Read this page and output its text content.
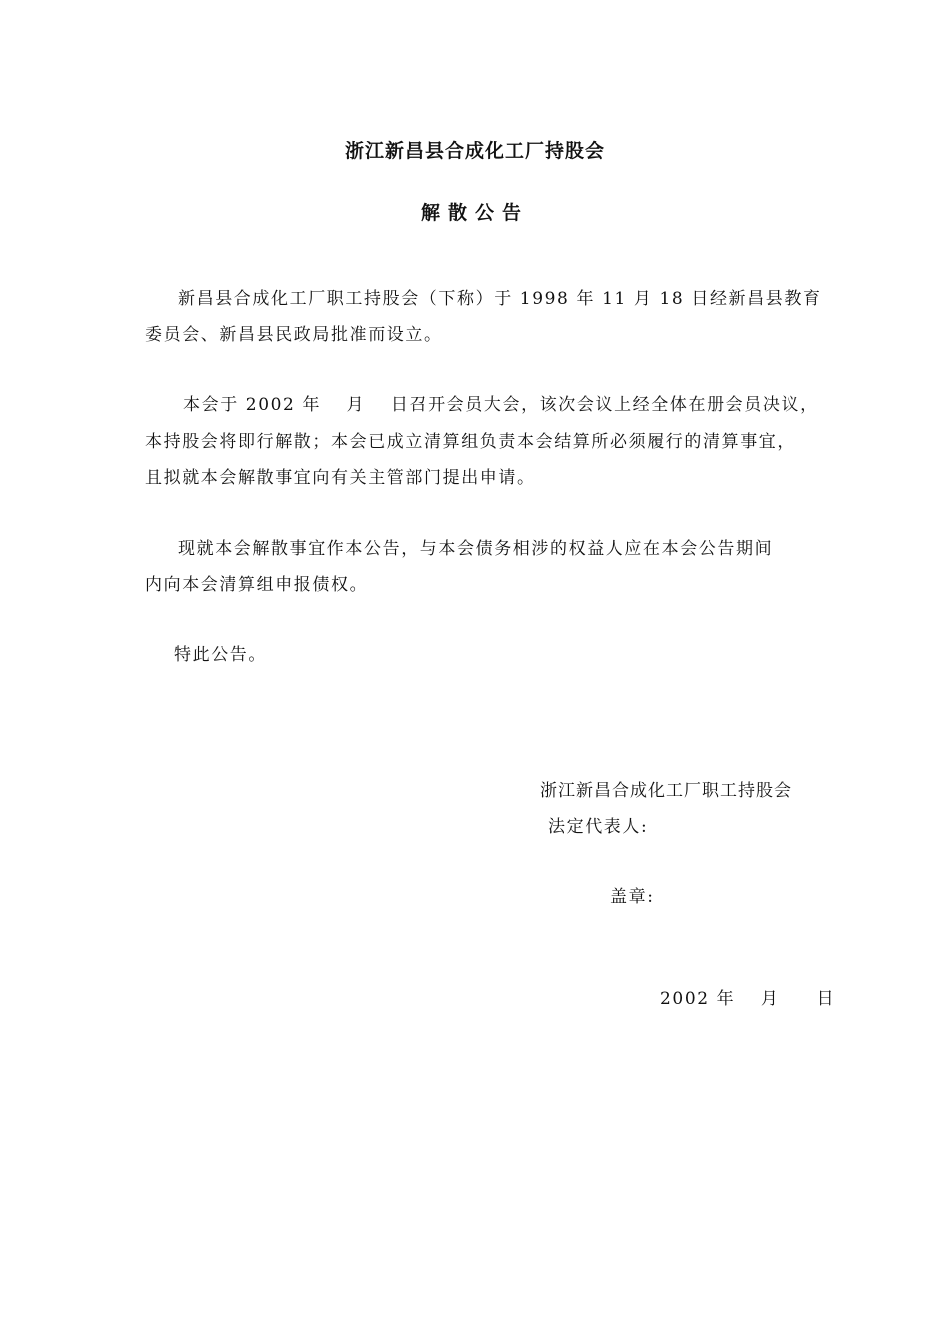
浙江新昌县合成化工厂持股会
解散公告
新昌县合成化工厂职工持股会（下称）于 1998 年 11 月 18 日经新昌县教育
委员会、新昌县民政局批准而设立。
本会于 2002 年　 月　 日召开会员大会，该次会议上经全体在册会员决议，
本持股会将即行解散；本会已成立清算组负责本会结算所必须履行的清算事宜，
且拟就本会解散事宜向有关主管部门提出申请。
现就本会解散事宜作本公告，与本会债务相涉的权益人应在本会公告期间
内向本会清算组申报债权。
特此公告。
浙江新昌合成化工厂职工持股会
法定代表人:
盖章:
2002 年　 月　　日
